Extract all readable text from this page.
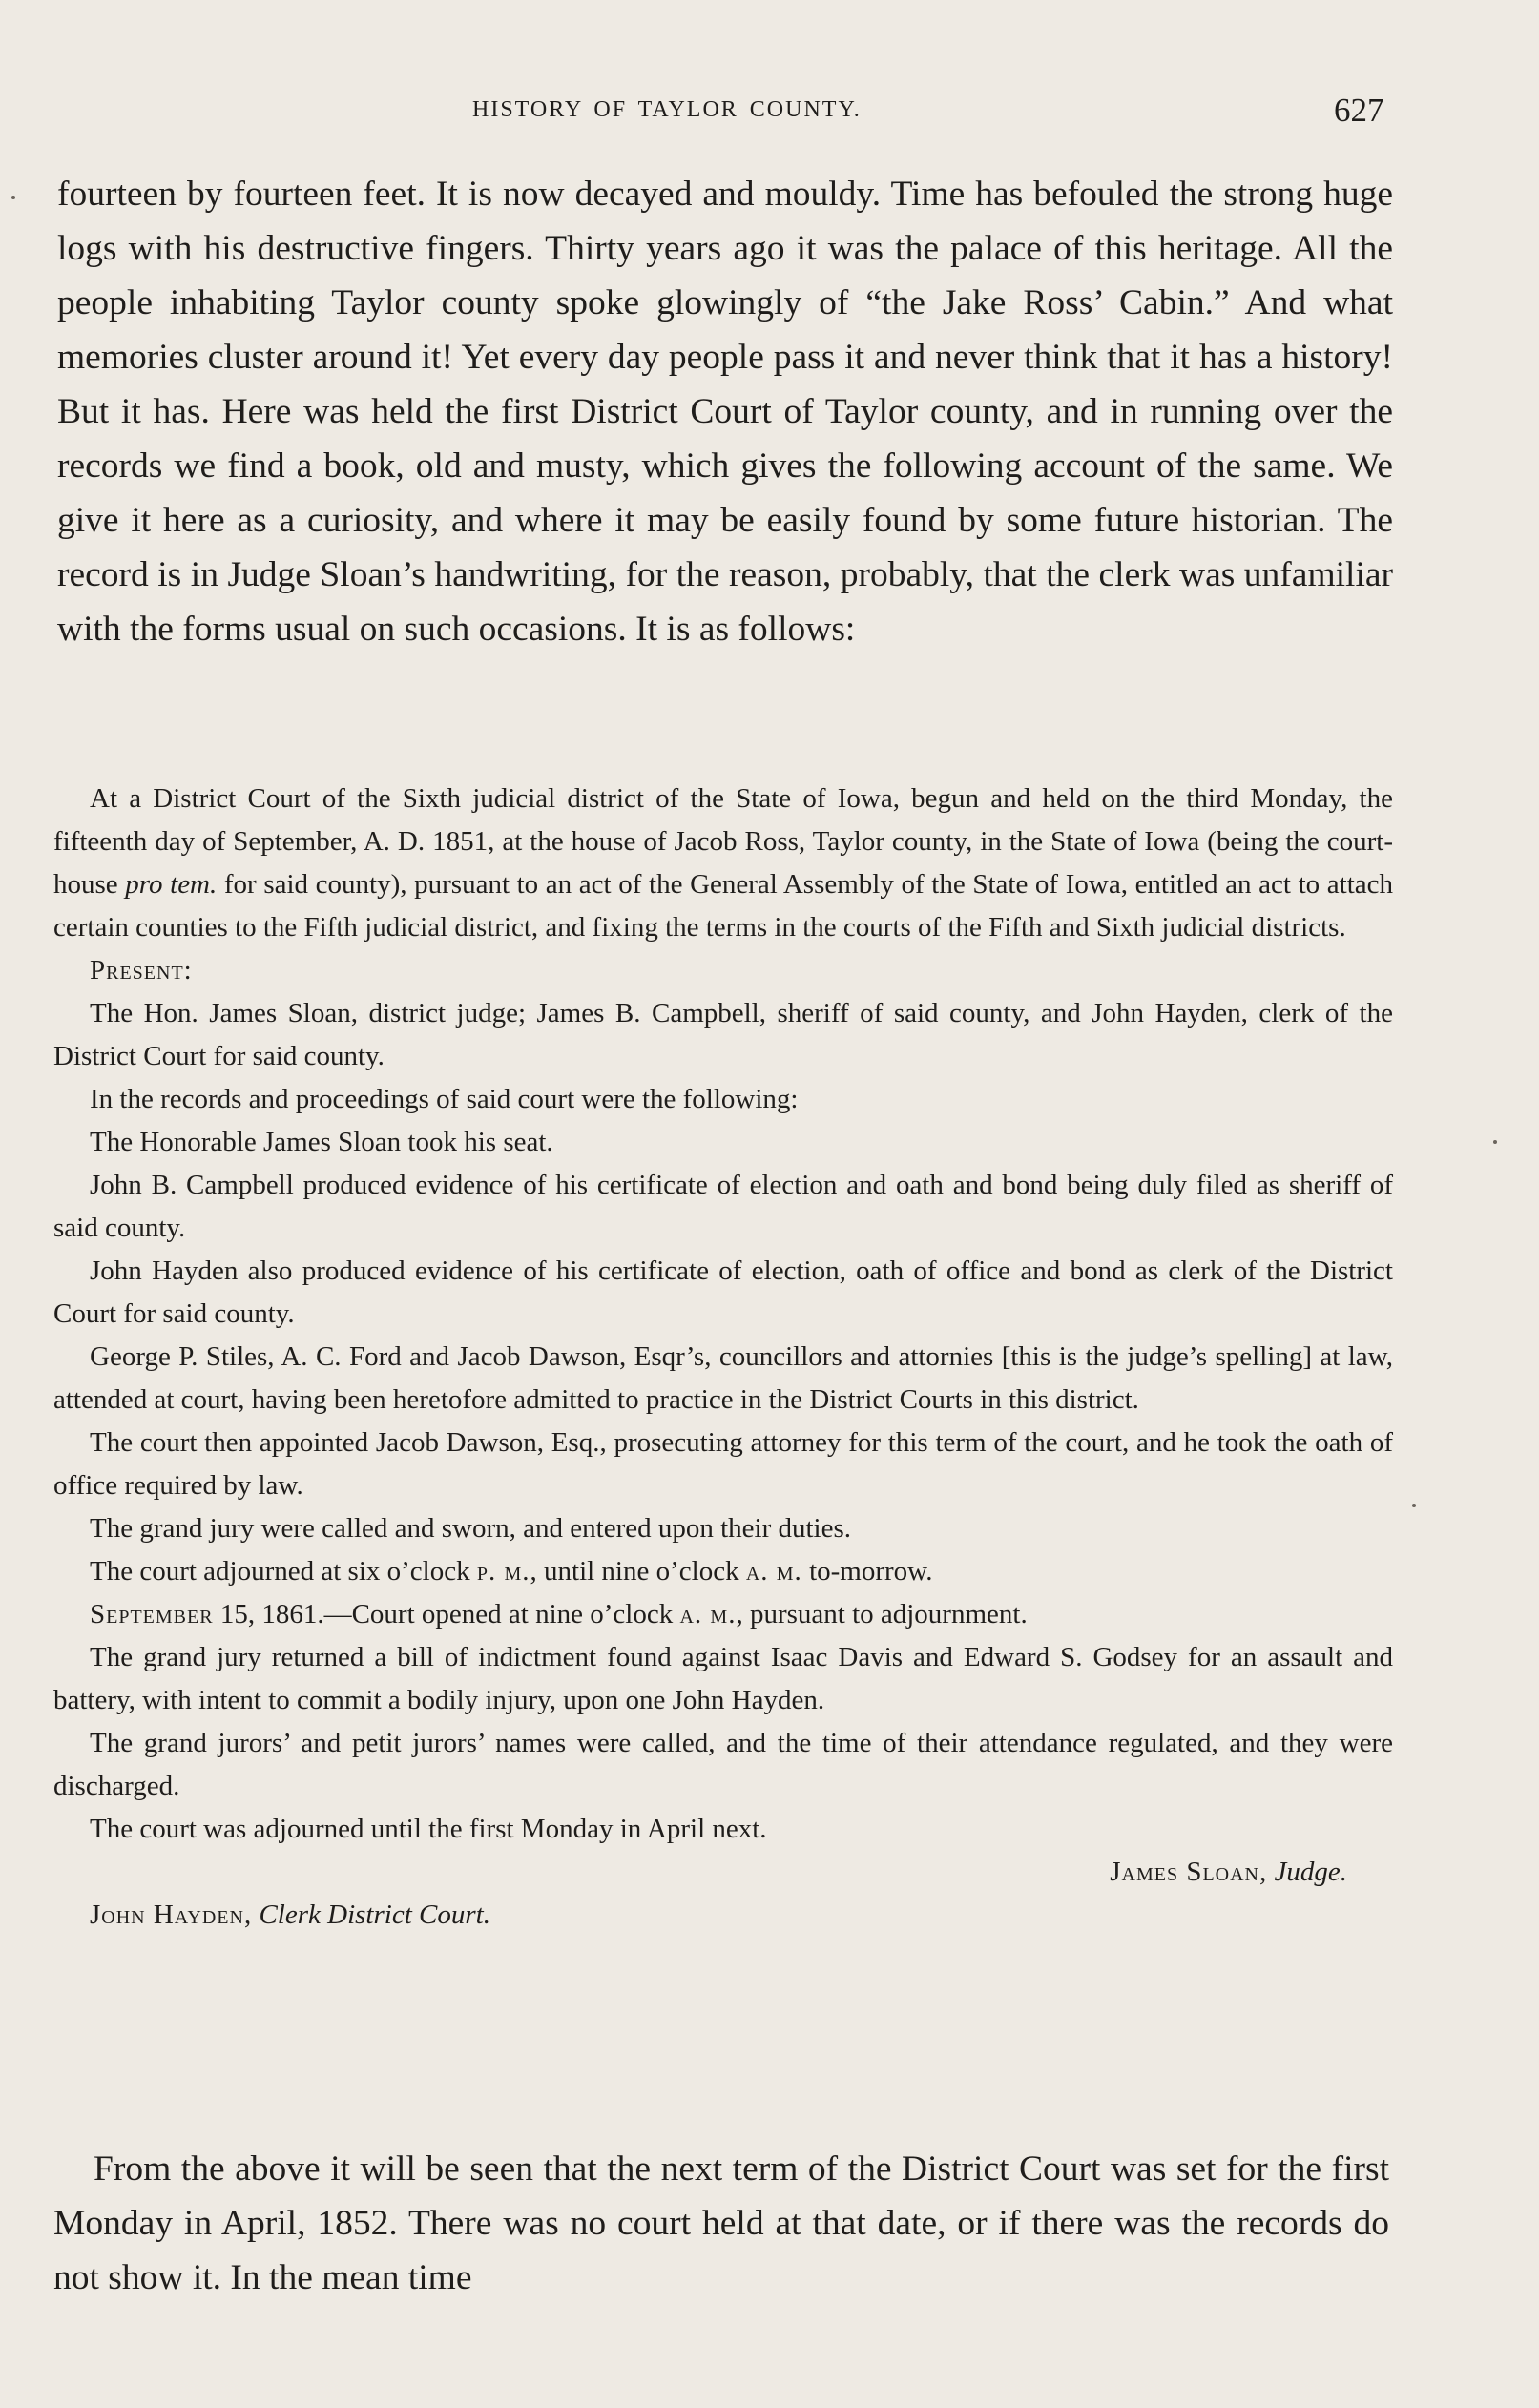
HISTORY OF TAYLOR COUNTY.	627

fourteen by fourteen feet. It is now decayed and mouldy. Time has befouled the strong huge logs with his destructive fingers. Thirty years ago it was the palace of this heritage. All the people inhabiting Taylor county spoke glowingly of “the Jake Ross’ Cabin.” And what memories cluster around it! Yet every day people pass it and never think that it has a history! But it has. Here was held the first District Court of Taylor county, and in running over the records we find a book, old and musty, which gives the following account of the same. We give it here as a curiosity, and where it may be easily found by some future historian. The record is in Judge Sloan’s handwriting, for the reason, probably, that the clerk was unfamiliar with the forms usual on such occasions. It is as follows:

At a District Court of the Sixth judicial district of the State of Iowa, begun and held on the third Monday, the fifteenth day of September, A. D. 1851, at the house of Jacob Ross, Taylor county, in the State of Iowa (being the court-house pro tem. for said county), pursuant to an act of the General Assembly of the State of Iowa, entitled an act to attach certain counties to the Fifth judicial district, and fixing the terms in the courts of the Fifth and Sixth judicial districts.

Present:

The Hon. James Sloan, district judge; James B. Campbell, sheriff of said county, and John Hayden, clerk of the District Court for said county.

In the records and proceedings of said court were the following:

The Honorable James Sloan took his seat.

John B. Campbell produced evidence of his certificate of election and oath and bond being duly filed as sheriff of said county.

John Hayden also produced evidence of his certificate of election, oath of office and bond as clerk of the District Court for said county.

George P. Stiles, A. C. Ford and Jacob Dawson, Esqr’s, councillors and attornies [this is the judge’s spelling] at law, attended at court, having been heretofore admitted to practice in the District Courts in this district.

The court then appointed Jacob Dawson, Esq., prosecuting attorney for this term of the court, and he took the oath of office required by law.

The grand jury were called and sworn, and entered upon their duties.

The court adjourned at six o’clock p. m., until nine o’clock a. m. to-morrow.

September 15, 1861.—Court opened at nine o’clock a. m., pursuant to adjournment.

The grand jury returned a bill of indictment found against Isaac Davis and Edward S. Godsey for an assault and battery, with intent to commit a bodily injury, upon one John Hayden.

The grand jurors’ and petit jurors’ names were called, and the time of their attendance regulated, and they were discharged.

The court was adjourned until the first Monday in April next.

James Sloan, Judge.

John Hayden, Clerk District Court.

From the above it will be seen that the next term of the District Court was set for the first Monday in April, 1852. There was no court held at that date, or if there was the records do not show it. In the mean time
